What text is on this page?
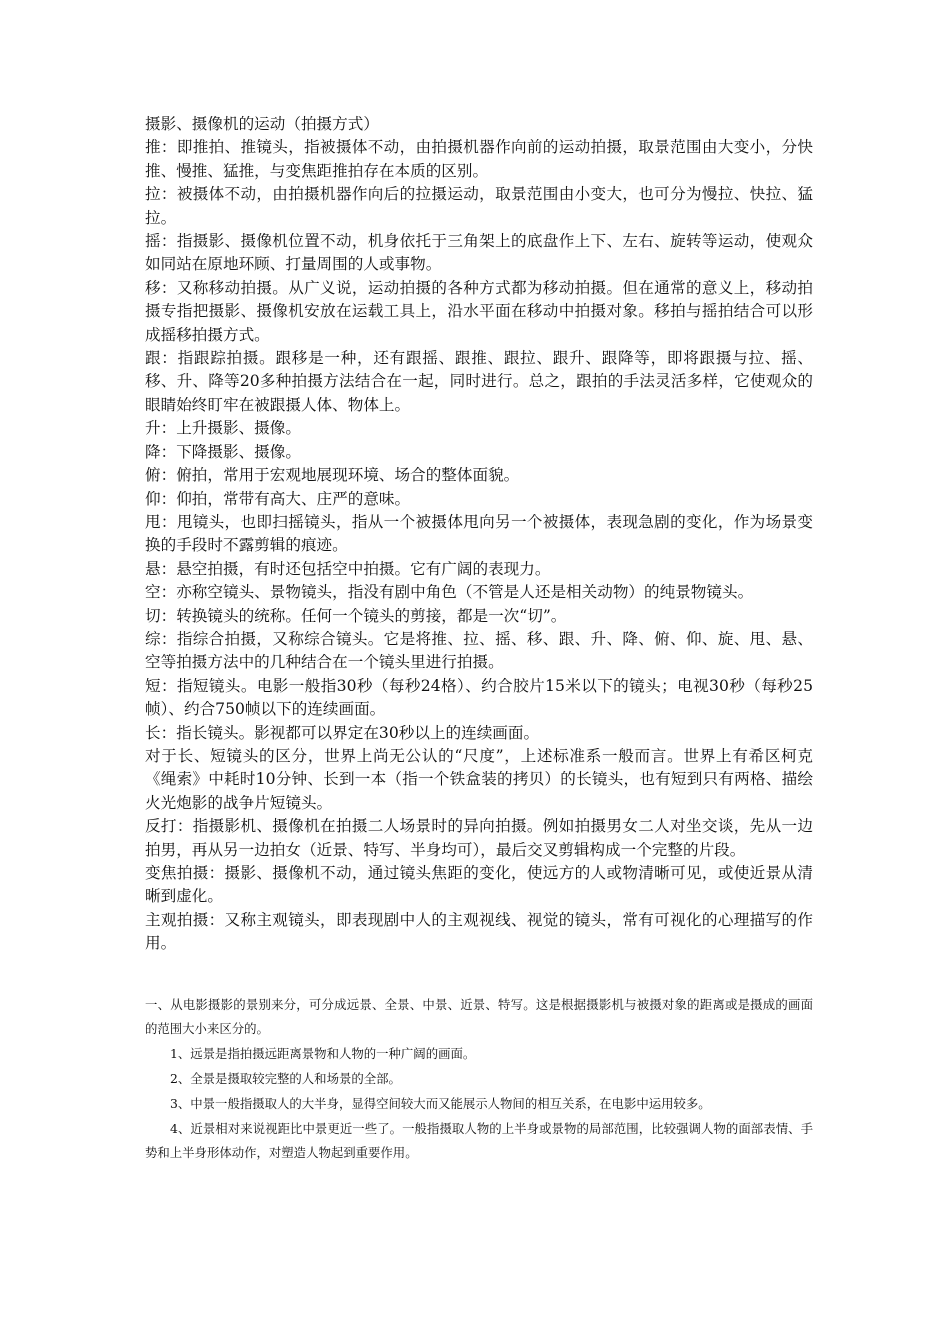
摄影、摄像机的运动（拍摄方式）

推：即推拍、推镜头，指被摄体不动，由拍摄机器作向前的运动拍摄，取景范围由大变小，分快推、慢推、猛推，与变焦距推拍存在本质的区别。

拉：被摄体不动，由拍摄机器作向后的拉摄运动，取景范围由小变大，也可分为慢拉、快拉、猛拉。

摇：指摄影、摄像机位置不动，机身依托于三角架上的底盘作上下、左右、旋转等运动，使观众如同站在原地环顾、打量周围的人或事物。

移：又称移动拍摄。从广义说，运动拍摄的各种方式都为移动拍摄。但在通常的意义上，移动拍摄专指把摄影、摄像机安放在运载工具上，沿水平面在移动中拍摄对象。移拍与摇拍结合可以形成摇移拍摄方式。

跟：指跟踪拍摄。跟移是一种，还有跟摇、跟推、跟拉、跟升、跟降等，即将跟摄与拉、摇、移、升、降等20多种拍摄方法结合在一起，同时进行。总之，跟拍的手法灵活多样，它使观众的眼睛始终盯牢在被跟摄人体、物体上。

升：上升摄影、摄像。

降：下降摄影、摄像。

俯：俯拍，常用于宏观地展现环境、场合的整体面貌。

仰：仰拍，常带有高大、庄严的意味。

甩：甩镜头，也即扫摇镜头，指从一个被摄体甩向另一个被摄体，表现急剧的变化，作为场景变换的手段时不露剪辑的痕迹。

悬：悬空拍摄，有时还包括空中拍摄。它有广阔的表现力。

空：亦称空镜头、景物镜头，指没有剧中角色（不管是人还是相关动物）的纯景物镜头。

切：转换镜头的统称。任何一个镜头的剪接，都是一次“切”。

综：指综合拍摄，又称综合镜头。它是将推、拉、摇、移、跟、升、降、俯、仰、旋、甩、悬、空等拍摄方法中的几种结合在一个镜头里进行拍摄。

短：指短镜头。电影一般指30秒（每秒24格）、约合胶片15米以下的镜头；电视30秒（每秒25帧）、约合750帧以下的连续画面。

长：指长镜头。影视都可以界定在30秒以上的连续画面。

对于长、短镜头的区分，世界上尚无公认的“尺度”，上述标准系一般而言。世界上有希区柯克《绳索》中耗时10分钟、长到一本（指一个铁盒装的拷贝）的长镜头，也有短到只有两格、描绘火光炮影的战争片短镜头。

反打：指摄影机、摄像机在拍摄二人场景时的异向拍摄。例如拍摄男女二人对坐交谈，先从一边拍男，再从另一边拍女（近景、特写、半身均可），最后交叉剪辑构成一个完整的片段。

变焦拍摄：摄影、摄像机不动，通过镜头焦距的变化，使远方的人或物清晰可见，或使近景从清晰到虚化。

主观拍摄：又称主观镜头，即表现剧中人的主观视线、视觉的镜头，常有可视化的心理描写的作用。

一、从电影摄影的景别来分，可分成远景、全景、中景、近景、特写。这是根据摄影机与被摄对象的距离或是摄成的画面的范围大小来区分的。

1、远景是指拍摄远距离景物和人物的一种广阔的画面。

2、全景是摄取较完整的人和场景的全部。

3、中景一般指摄取人的大半身，显得空间较大而又能展示人物间的相互关系，在电影中运用较多。

4、近景相对来说视距比中景更近一些了。一般指摄取人物的上半身或景物的局部范围，比较强调人物的面部表情、手势和上半身形体动作，对塑造人物起到重要作用。
